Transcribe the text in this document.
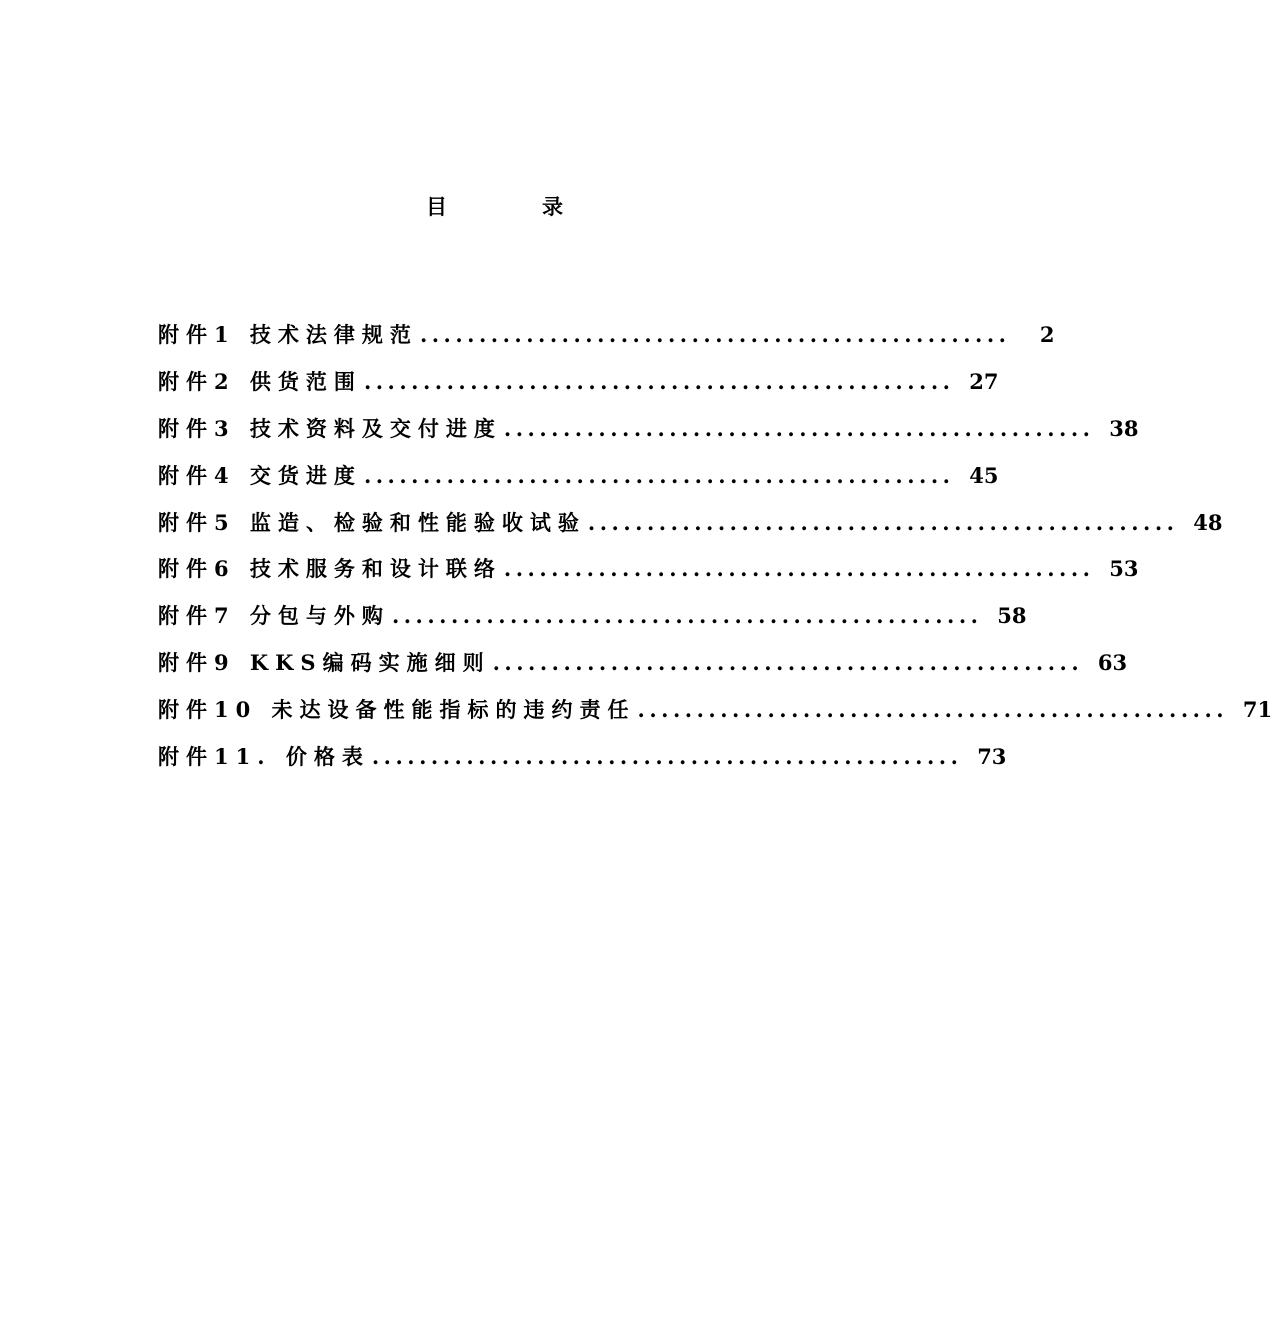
目	录
附件1 技术法律规范 ..................................................	2
附件2 供货范围 .................................................. 27
附件3 技术资料及交付进度 .................................................. 38
附件4 交货进度 .................................................. 45
附件5 监造、检验和性能验收试验 .................................................. 48
附件6 技术服务和设计联络 .................................................. 53
附件7 分包与外购 .................................................. 58
附件9 KKS编码实施细则 .................................................. 63
附件10 未达设备性能指标的违约责任 .................................................. 71
附件11. 价格表 .................................................. 73
